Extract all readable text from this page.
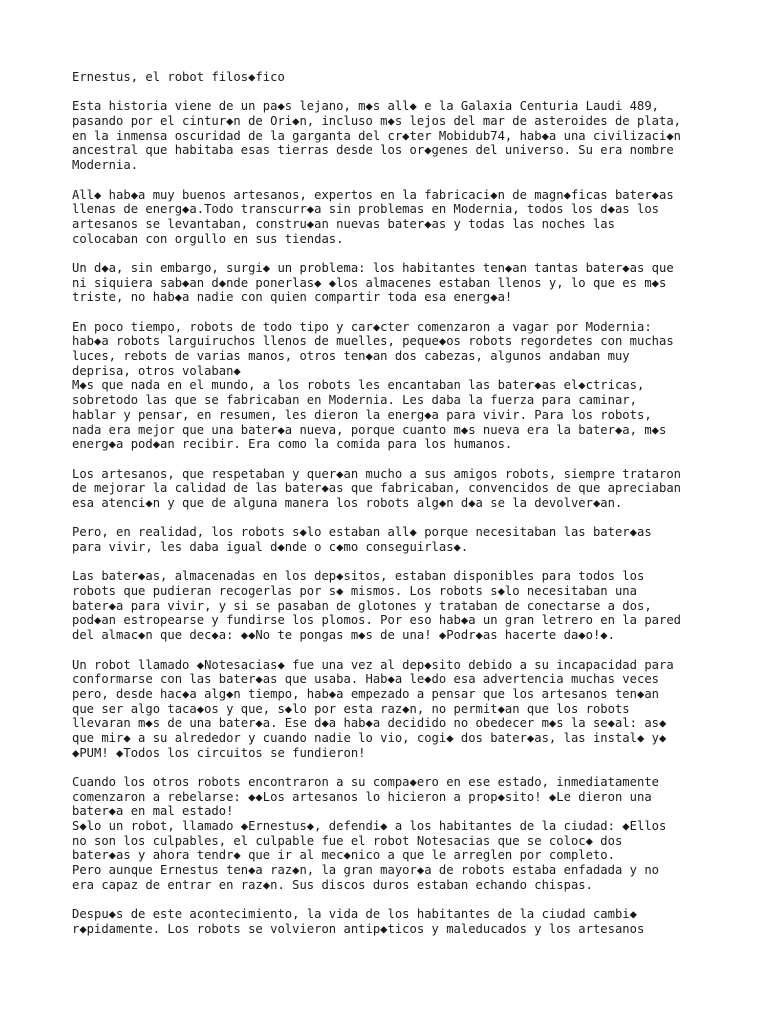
Ernestus, el robot filos◆fico
Esta historia viene de un pa◆s lejano, m◆s all◆ e la Galaxia Centuria Laudi 489,
pasando por el cintur◆n de Ori◆n, incluso m◆s lejos del mar de asteroides de plata,
en la inmensa oscuridad de la garganta del cr◆ter Mobidub74, hab◆a una civilizaci◆n
ancestral que habitaba esas tierras desde los or◆genes del universo. Su era nombre
Modernia.
All◆ hab◆a muy buenos artesanos, expertos en la fabricaci◆n de magn◆ficas bater◆as
llenas de energ◆a.Todo transcurr◆a sin problemas en Modernia, todos los d◆as los
artesanos se levantaban, constru◆an nuevas bater◆as y todas las noches las
colocaban con orgullo en sus tiendas.
Un d◆a, sin embargo, surgi◆ un problema: los habitantes ten◆an tantas bater◆as que
ni siquiera sab◆an d◆nde ponerlas◆ ◆los almacenes estaban llenos y, lo que es m◆s
triste, no hab◆a nadie con quien compartir toda esa energ◆a!
En poco tiempo, robots de todo tipo y car◆cter comenzaron a vagar por Modernia:
hab◆a robots larguiruchos llenos de muelles, peque◆os robots regordetes con muchas
luces, rebots de varias manos, otros ten◆an dos cabezas, algunos andaban muy
deprisa, otros volaban◆
M◆s que nada en el mundo, a los robots les encantaban las bater◆as el◆ctricas,
sobretodo las que se fabricaban en Modernia. Les daba la fuerza para caminar,
hablar y pensar, en resumen, les dieron la energ◆a para vivir. Para los robots,
nada era mejor que una bater◆a nueva, porque cuanto m◆s nueva era la bater◆a, m◆s
energ◆a pod◆an recibir. Era como la comida para los humanos.
Los artesanos, que respetaban y quer◆an mucho a sus amigos robots, siempre trataron
de mejorar la calidad de las bater◆as que fabricaban, convencidos de que apreciaban
esa atenci◆n y que de alguna manera los robots alg◆n d◆a se la devolver◆an.
Pero, en realidad, los robots s◆lo estaban all◆ porque necesitaban las bater◆as
para vivir, les daba igual d◆nde o c◆mo conseguirlas◆.
Las bater◆as, almacenadas en los dep◆sitos, estaban disponibles para todos los
robots que pudieran recogerlas por s◆ mismos. Los robots s◆lo necesitaban una
bater◆a para vivir, y si se pasaban de glotones y trataban de conectarse a dos,
pod◆an estropearse y fundirse los plomos. Por eso hab◆a un gran letrero en la pared
del almac◆n que dec◆a: ◆◆No te pongas m◆s de una! ◆Podr◆as hacerte da◆o!◆.
Un robot llamado ◆Notesacias◆ fue una vez al dep◆sito debido a su incapacidad para
conformarse con las bater◆as que usaba. Hab◆a le◆do esa advertencia muchas veces
pero, desde hac◆a alg◆n tiempo, hab◆a empezado a pensar que los artesanos ten◆an
que ser algo taca◆os y que, s◆lo por esta raz◆n, no permit◆an que los robots
llevaran m◆s de una bater◆a. Ese d◆a hab◆a decidido no obedecer m◆s la se◆al: as◆
que mir◆ a su alrededor y cuando nadie lo vio, cogi◆ dos bater◆as, las instal◆ y◆
◆PUM! ◆Todos los circuitos se fundieron!
Cuando los otros robots encontraron a su compa◆ero en ese estado, inmediatamente
comenzaron a rebelarse: ◆◆Los artesanos lo hicieron a prop◆sito! ◆Le dieron una
bater◆a en mal estado!
S◆lo un robot, llamado ◆Ernestus◆, defendi◆ a los habitantes de la ciudad: ◆Ellos
no son los culpables, el culpable fue el robot Notesacias que se coloc◆ dos
bater◆as y ahora tendr◆ que ir al mec◆nico a que le arreglen por completo.
Pero aunque Ernestus ten◆a raz◆n, la gran mayor◆a de robots estaba enfadada y no
era capaz de entrar en raz◆n. Sus discos duros estaban echando chispas.
Despu◆s de este acontecimiento, la vida de los habitantes de la ciudad cambi◆
r◆pidamente. Los robots se volvieron antip◆ticos y maleducados y los artesanos
